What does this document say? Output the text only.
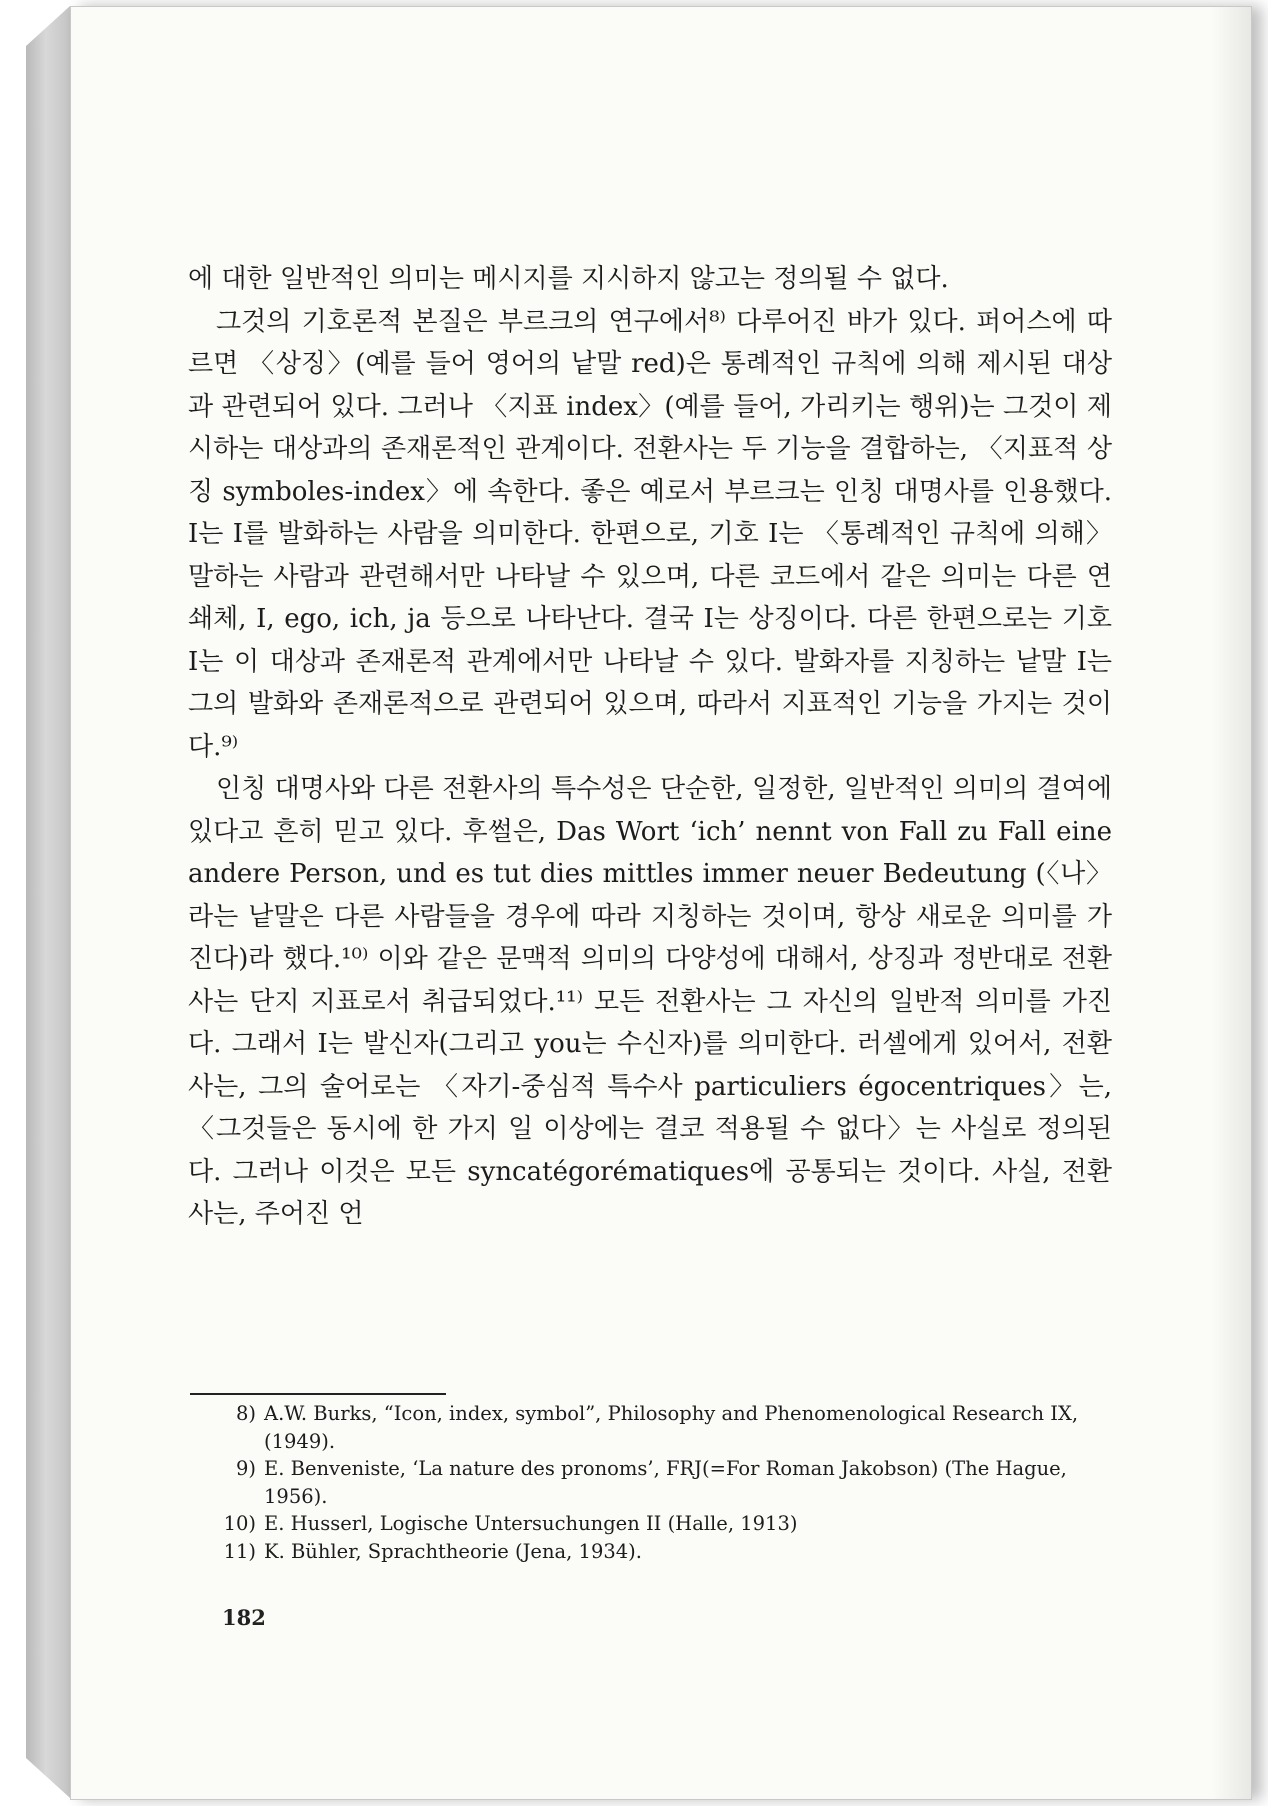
에 대한 일반적인 의미는 메시지를 지시하지 않고는 정의될 수 없다.

그것의 기호론적 본질은 부르크의 연구에서⁸⁾ 다루어진 바가 있다. 퍼어스에 따르면 〈상징〉(예를 들어 영어의 낱말 red)은 통례적인 규칙에 의해 제시된 대상과 관련되어 있다. 그러나 〈지표 index〉(예를 들어, 가리키는 행위)는 그것이 제시하는 대상과의 존재론적인 관계이다. 전환사는 두 기능을 결합하는, 〈지표적 상징 symboles-index〉에 속한다. 좋은 예로서 부르크는 인칭 대명사를 인용했다. I는 I를 발화하는 사람을 의미한다. 한편으로, 기호 I는 〈통례적인 규칙에 의해〉 말하는 사람과 관련해서만 나타날 수 있으며, 다른 코드에서 같은 의미는 다른 연쇄체, I, ego, ich, ja 등으로 나타난다. 결국 I는 상징이다. 다른 한편으로는 기호 I는 이 대상과 존재론적 관계에서만 나타날 수 있다. 발화자를 지칭하는 낱말 I는 그의 발화와 존재론적으로 관련되어 있으며, 따라서 지표적인 기능을 가지는 것이다.⁹⁾

인칭 대명사와 다른 전환사의 특수성은 단순한, 일정한, 일반적인 의미의 결여에 있다고 흔히 믿고 있다. 후썰은, Das Wort ‘ich’ nennt von Fall zu Fall eine andere Person, und es tut dies mittles immer neuer Bedeutung (〈나〉라는 낱말은 다른 사람들을 경우에 따라 지칭하는 것이며, 항상 새로운 의미를 가진다)라 했다.¹⁰⁾ 이와 같은 문맥적 의미의 다양성에 대해서, 상징과 정반대로 전환사는 단지 지표로서 취급되었다.¹¹⁾ 모든 전환사는 그 자신의 일반적 의미를 가진다. 그래서 I는 발신자(그리고 you는 수신자)를 의미한다. 러셀에게 있어서, 전환사는, 그의 술어로는 〈자기-중심적 특수사 particuliers égocentriques〉는, 〈그것들은 동시에 한 가지 일 이상에는 결코 적용될 수 없다〉는 사실로 정의된다. 그러나 이것은 모든 syncatégorématiques에 공통되는 것이다. 사실, 전환사는, 주어진 언

8) A.W. Burks, “Icon, index, symbol”, Philosophy and Phenomenological Research IX, (1949).
9) E. Benveniste, ‘La nature des pronoms’, FRJ(=For Roman Jakobson) (The Hague, 1956).
10) E. Husserl, Logische Untersuchungen II (Halle, 1913)
11) K. Bühler, Sprachtheorie (Jena, 1934).
182
